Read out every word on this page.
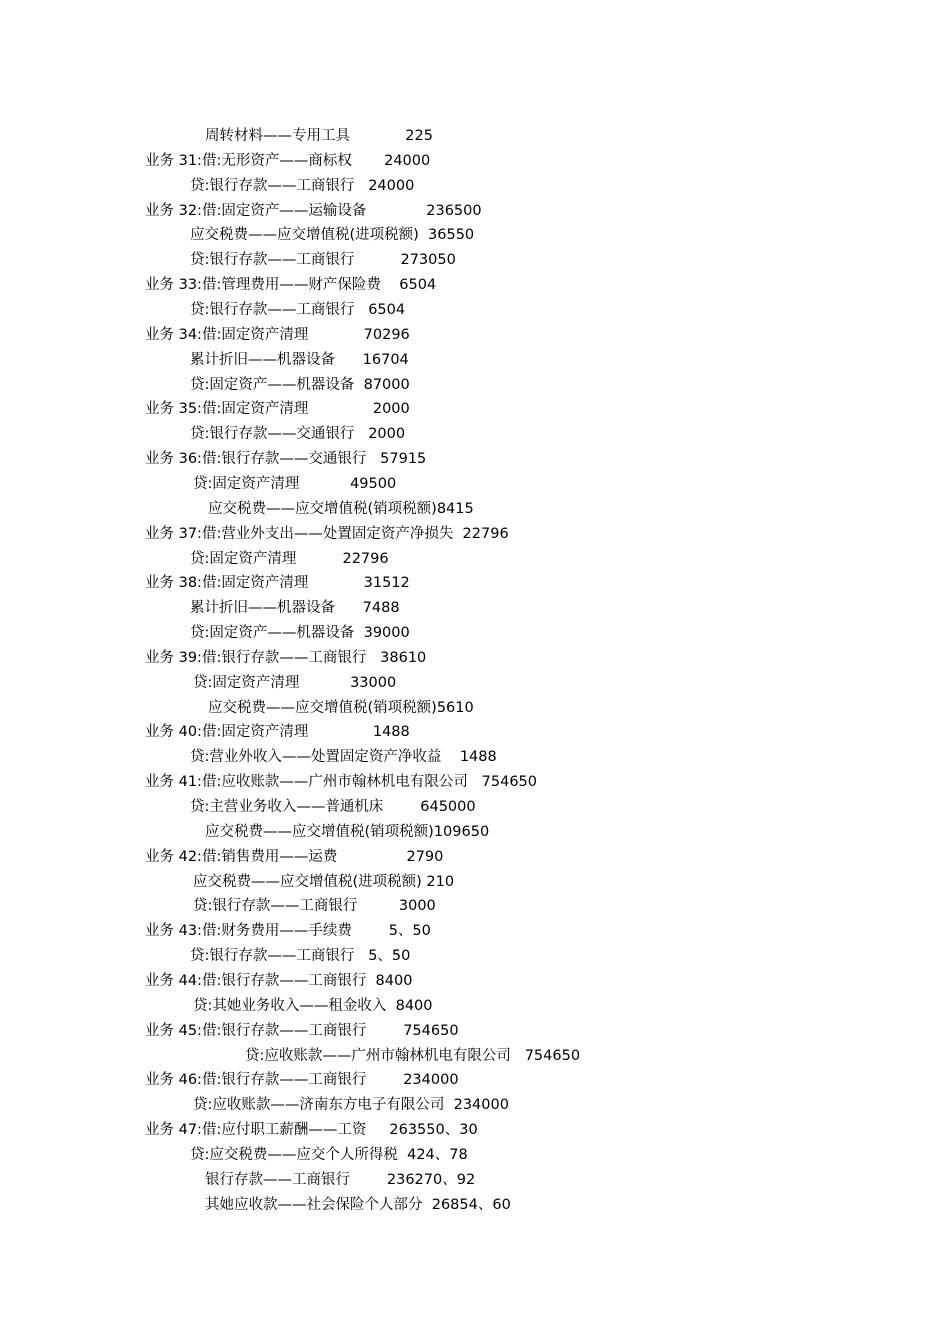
周转材料——专用工具            225
业务 31:借:无形资产——商标权       24000
贷:银行存款——工商银行   24000
业务 32:借:固定资产——运输设备             236500
应交税费——应交增值税(进项税额)  36550
贷:银行存款——工商银行          273050
业务 33:借:管理费用——财产保险费    6504
贷:银行存款——工商银行   6504
业务 34:借:固定资产清理            70296
累计折旧——机器设备      16704
贷:固定资产——机器设备  87000
业务 35:借:固定资产清理              2000
贷:银行存款——交通银行   2000
业务 36:借:银行存款——交通银行   57915
贷:固定资产清理           49500
应交税费——应交增值税(销项税额)8415
业务 37:借:营业外支出——处置固定资产净损失  22796
贷:固定资产清理          22796
业务 38:借:固定资产清理            31512
累计折旧——机器设备      7488
贷:固定资产——机器设备  39000
业务 39:借:银行存款——工商银行   38610
贷:固定资产清理           33000
应交税费——应交增值税(销项税额)5610
业务 40:借:固定资产清理              1488
贷:营业外收入——处置固定资产净收益    1488
业务 41:借:应收账款——广州市翰林机电有限公司   754650
贷:主营业务收入——普通机床        645000
应交税费——应交增值税(销项税额)109650
业务 42:借:销售费用——运费               2790
应交税费——应交增值税(进项税额) 210
贷:银行存款——工商银行         3000
业务 43:借:财务费用——手续费        5、50
贷:银行存款——工商银行   5、50
业务 44:借:银行存款——工商银行  8400
贷:其她业务收入——租金收入  8400
业务 45:借:银行存款——工商银行        754650
贷:应收账款——广州市翰林机电有限公司   754650
业务 46:借:银行存款——工商银行        234000
贷:应收账款——济南东方电子有限公司  234000
业务 47:借:应付职工薪酬——工资     263550、30
贷:应交税费——应交个人所得税  424、78
银行存款——工商银行        236270、92
其她应收款——社会保险个人部分  26854、60
